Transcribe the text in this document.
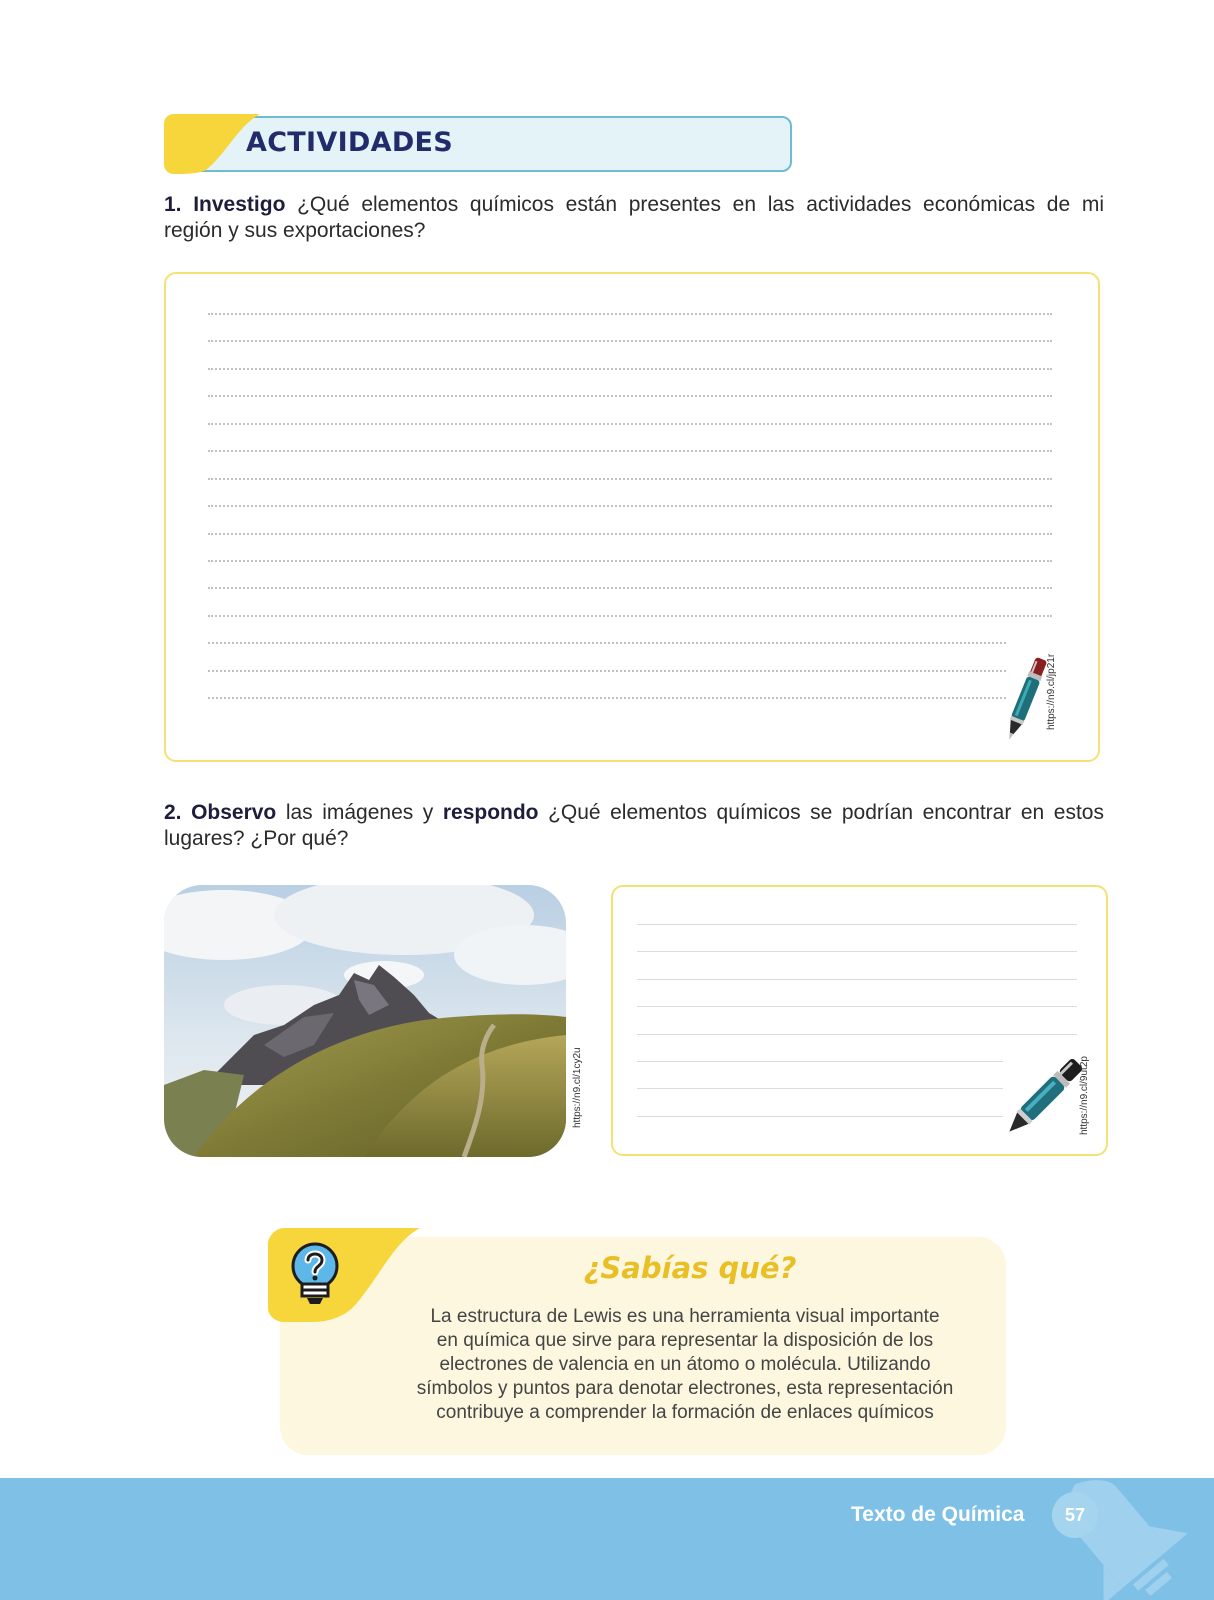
ACTIVIDADES
1. Investigo ¿Qué elementos químicos están presentes en las actividades económicas de mi
región y sus exportaciones?
https://n9.cl/jp21r
2. Observo las imágenes y respondo ¿Qué elementos químicos se podrían encontrar en estos
lugares? ¿Por qué?
https://n9.cl/1cy2u	https://n9.cl/9ut2p
¿Sabías qué?
La estructura de Lewis es una herramienta visual importante
en química que sirve para representar la disposición de los
electrones de valencia en un átomo o molécula. Utilizando
símbolos y puntos para denotar electrones, esta representación
contribuye a comprender la formación de enlaces químicos
Texto de Química	57
